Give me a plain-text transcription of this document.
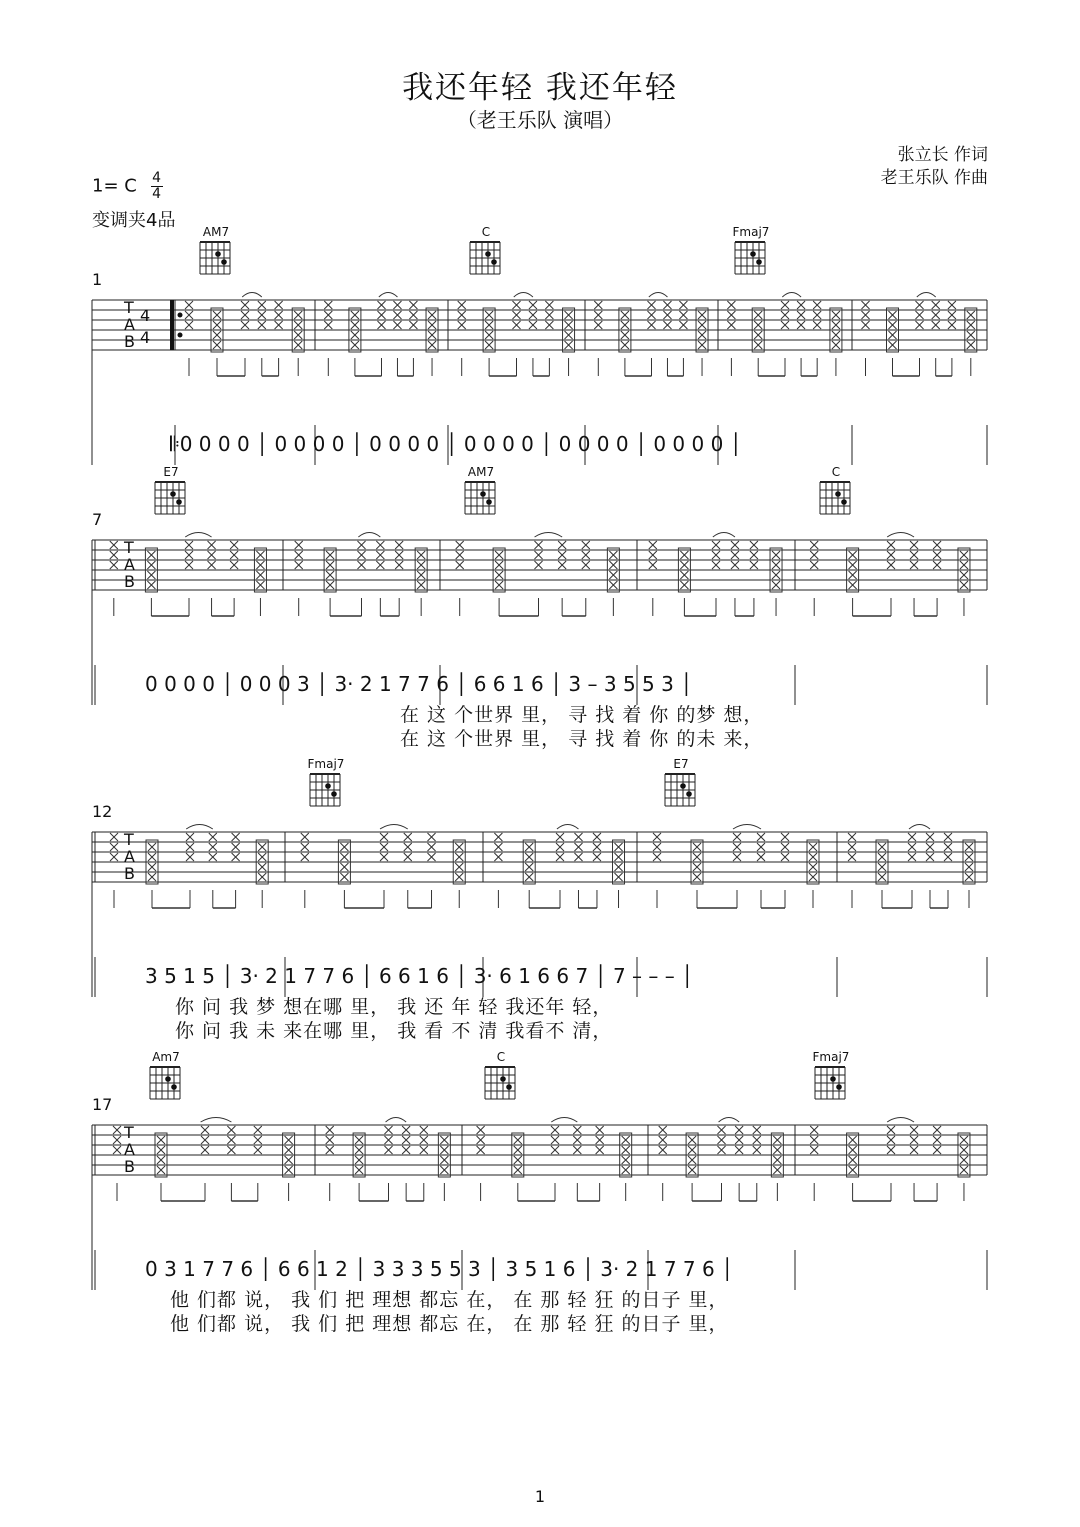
我还年轻 我还年轻
（老王乐队 演唱）
张立长 作词
老王乐队 作曲
1= C $\frac{4}{4}$
变调夹4品
1
T
A
B
4
4
AM7	C	Fmaj7
𝄆0 0 0 0 │ 0 0 0 0 │ 0 0 0 0 │ 0 0 0 0 │ 0 0 0 0 │ 0 0 0 0 │
7
T
A
B
E7	AM7	C
0 0 0 0 │ 0 0 0 3 │ 3· 2 1 7 7 6 │ 6 6 1 6 │ 3 – 3 5 5 3 │
在 这 个世界 里， 寻 找 着 你 的梦 想，
在 这 个世界 里， 寻 找 着 你 的未 来，
12
T
A
B
Fmaj7	E7
3 5 1 5 │ 3· 2 1 7 7 6 │ 6 6 1 6 │ 3· 6 1 6 6 7 │ 7 – – – │
你 问 我 梦 想在哪 里， 我 还 年 轻 我还年 轻，
你 问 我 未 来在哪 里， 我 看 不 清 我看不 清，
17
T
A
B
Am7	C	Fmaj7
0 3 1 7 7 6 │ 6 6 1 2 │ 3 3 3 5 5 3 │ 3 5 1 6 │ 3· 2 1 7 7 6 │
他 们都 说， 我 们 把 理想 都忘 在， 在 那 轻 狂 的日子 里，
他 们都 说， 我 们 把 理想 都忘 在， 在 那 轻 狂 的日子 里，
1
